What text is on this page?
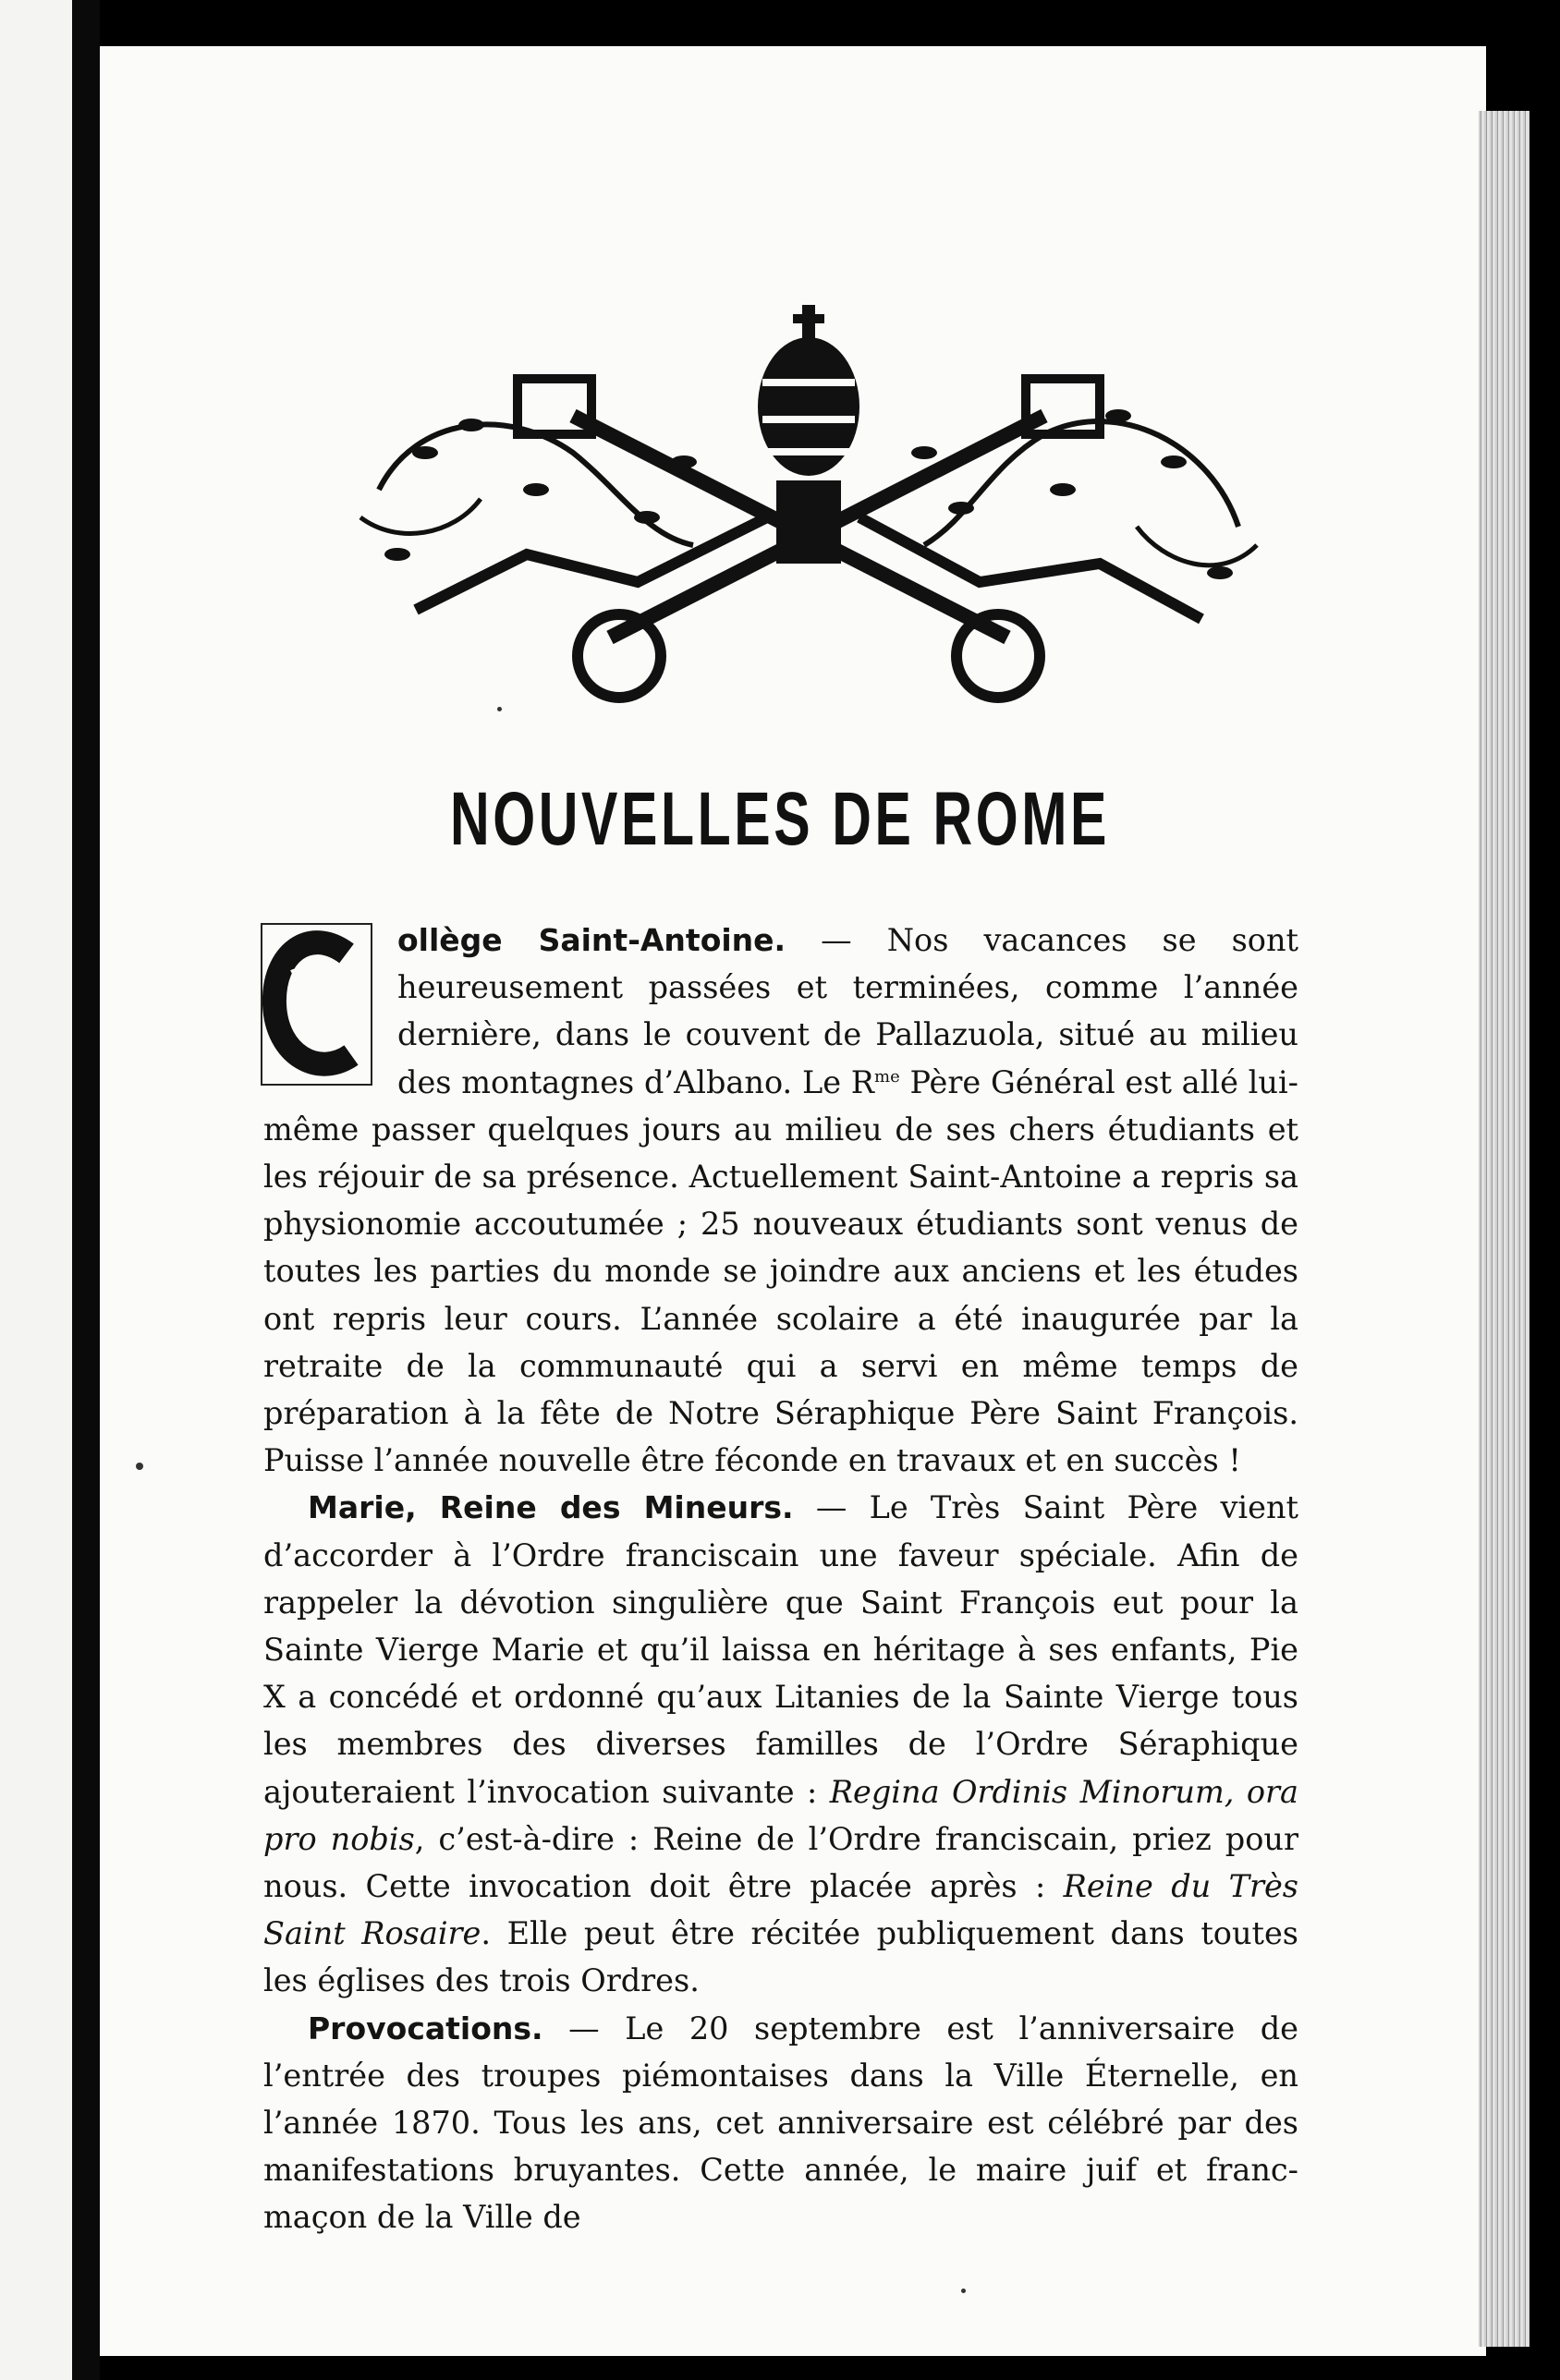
NOUVELLES DE ROME

C
ollège Saint-Antoine. — Nos vacances se sont heureusement passées et terminées, comme l’année dernière, dans le couvent de Pallazuola, situé au milieu des montagnes d’Albano. Le $R^{me}$ Père Général est allé lui-même passer quelques jours au milieu de ses chers étudiants et les réjouir de sa présence. Actuellement Saint-Antoine a repris sa physionomie accoutumée ; 25 nouveaux étudiants sont venus de toutes les parties du monde se joindre aux anciens et les études ont repris leur cours. L’année scolaire a été inaugurée par la retraite de la communauté qui a servi en même temps de préparation à la fête de Notre Séraphique Père Saint François. Puisse l’année nouvelle être féconde en travaux et en succès !

Marie, Reine des Mineurs. — Le Très Saint Père vient d’accorder à l’Ordre franciscain une faveur spéciale. Afin de rappeler la dévotion singulière que Saint François eut pour la Sainte Vierge Marie et qu’il laissa en héritage à ses enfants, Pie X a concédé et ordonné qu’aux Litanies de la Sainte Vierge tous les membres des diverses familles de l’Ordre Séraphique ajouteraient l’invocation suivante : Regina Ordinis Minorum, ora pro nobis, c’est-à-dire : Reine de l’Ordre franciscain, priez pour nous. Cette invocation doit être placée après : Reine du Très Saint Rosaire. Elle peut être récitée publiquement dans toutes les églises des trois Ordres.

Provocations. — Le 20 septembre est l’anniversaire de l’entrée des troupes piémontaises dans la Ville Éternelle, en l’année 1870. Tous les ans, cet anniversaire est célébré par des manifestations bruyantes. Cette année, le maire juif et franc-maçon de la Ville de
